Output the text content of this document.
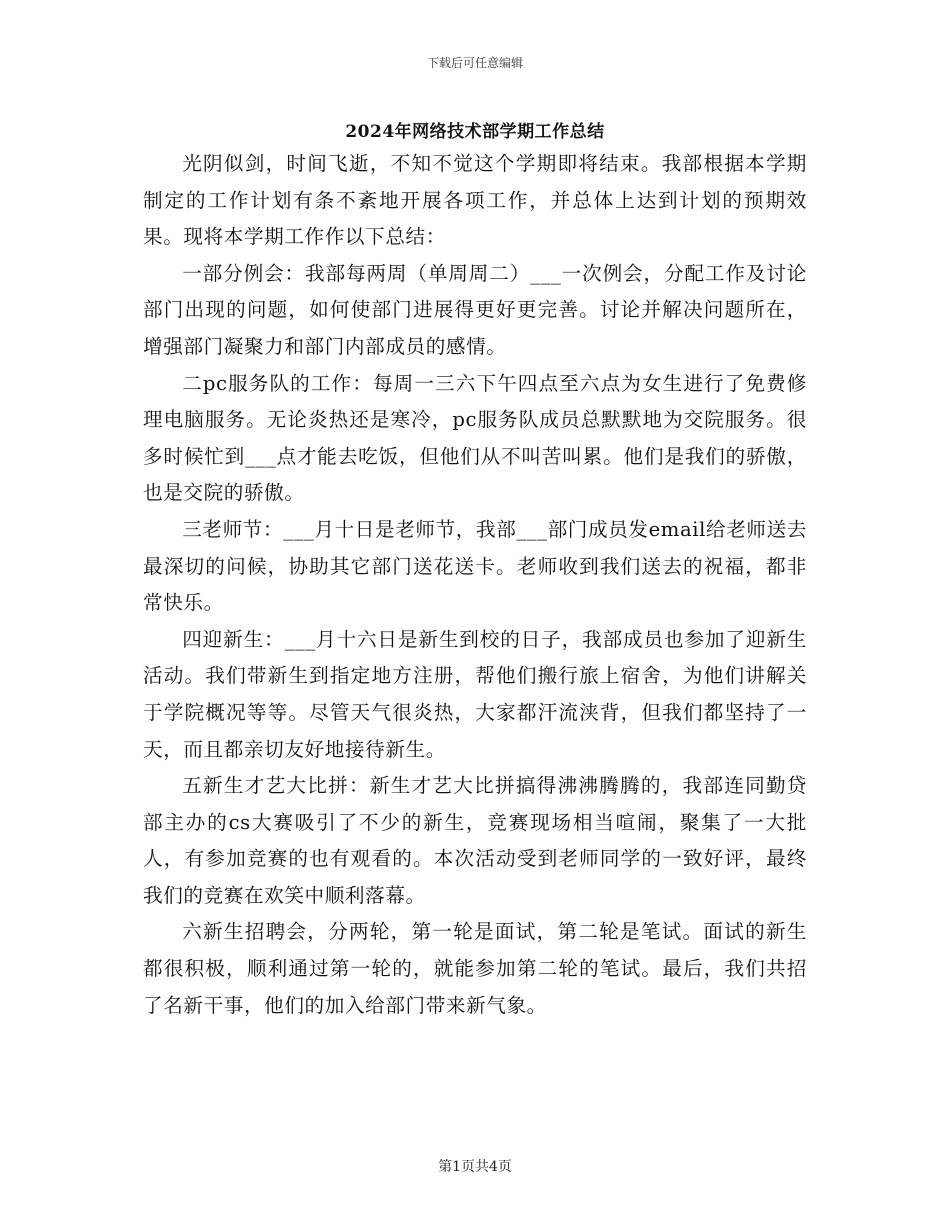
下载后可任意编辑
2024年网络技术部学期工作总结

光阴似剑，时间飞逝，不知不觉这个学期即将结束。我部根据本学期制定的工作计划有条不紊地开展各项工作，并总体上达到计划的预期效果。现将本学期工作作以下总结：

一部分例会：我部每两周（单周周二）___一次例会，分配工作及讨论部门出现的问题，如何使部门进展得更好更完善。讨论并解决问题所在，增强部门凝聚力和部门内部成员的感情。

二pc服务队的工作：每周一三六下午四点至六点为女生进行了免费修理电脑服务。无论炎热还是寒冷，pc服务队成员总默默地为交院服务。很多时候忙到___点才能去吃饭，但他们从不叫苦叫累。他们是我们的骄傲，也是交院的骄傲。

三老师节：___月十日是老师节，我部___部门成员发email给老师送去最深切的问候，协助其它部门送花送卡。老师收到我们送去的祝福，都非常快乐。

四迎新生：___月十六日是新生到校的日子，我部成员也参加了迎新生活动。我们带新生到指定地方注册，帮他们搬行旅上宿舍，为他们讲解关于学院概况等等。尽管天气很炎热，大家都汗流浃背，但我们都坚持了一天，而且都亲切友好地接待新生。

五新生才艺大比拼：新生才艺大比拼搞得沸沸腾腾的，我部连同勤贷部主办的cs大赛吸引了不少的新生，竞赛现场相当喧闹，聚集了一大批人，有参加竞赛的也有观看的。本次活动受到老师同学的一致好评，最终我们的竞赛在欢笑中顺利落幕。

六新生招聘会，分两轮，第一轮是面试，第二轮是笔试。面试的新生都很积极，顺利通过第一轮的，就能参加第二轮的笔试。最后，我们共招了名新干事，他们的加入给部门带来新气象。

第1页共4页
